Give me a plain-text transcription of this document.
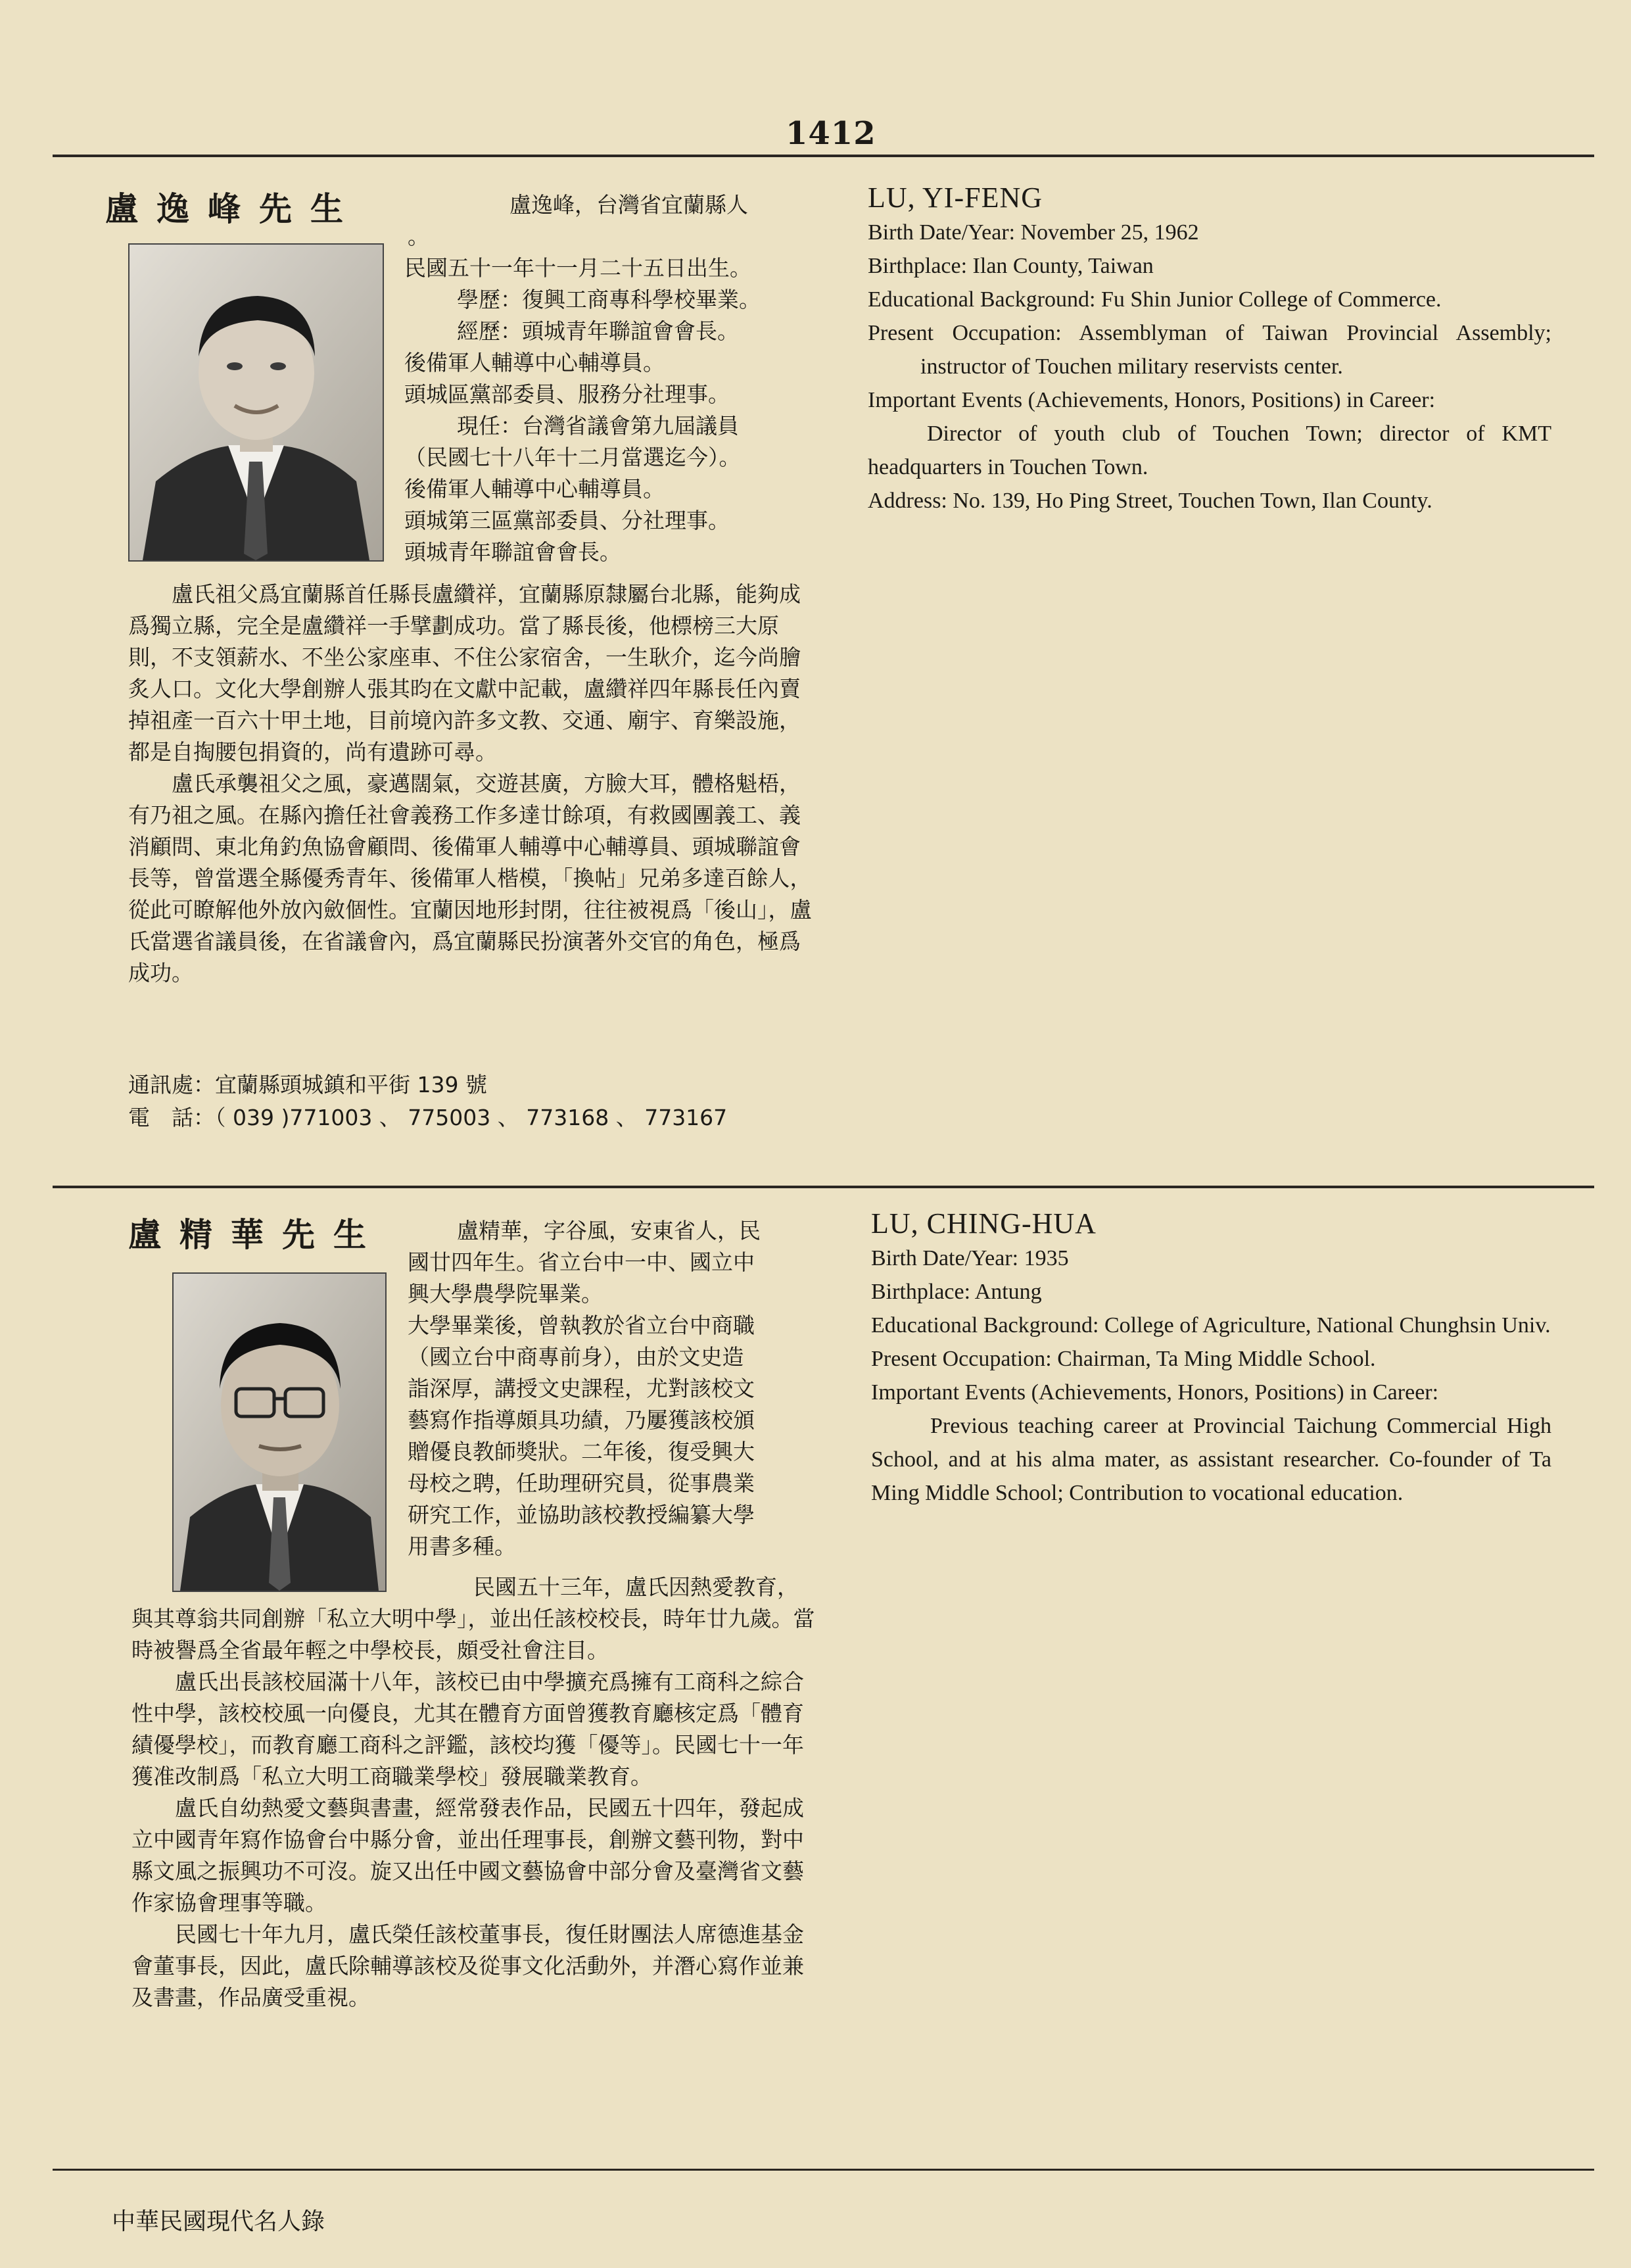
1412
盧逸峰先生	盧逸峰，台灣省宜蘭縣人

。

民國五十一年十一月二十五日出生。

學歷：復興工商專科學校畢業。

經歷：頭城青年聯誼會會長。

後備軍人輔導中心輔導員。

頭城區黨部委員、服務分社理事。

現任：台灣省議會第九屆議員

（民國七十八年十二月當選迄今）。

後備軍人輔導中心輔導員。

頭城第三區黨部委員、分社理事。

頭城青年聯誼會會長。

盧氏祖父爲宜蘭縣首任縣長盧纘祥，宜蘭縣原隸屬台北縣，能夠成爲獨立縣，完全是盧纘祥一手擘劃成功。當了縣長後，他標榜三大原則，不支領薪水、不坐公家座車、不住公家宿舍，一生耿介，迄今尚膾炙人口。文化大學創辦人張其昀在文獻中記載，盧纘祥四年縣長任內賣掉祖產一百六十甲土地，目前境內許多文教、交通、廟宇、育樂設施，都是自掏腰包捐資的，尚有遺跡可尋。

盧氏承襲祖父之風，豪邁闊氣，交遊甚廣，方臉大耳，體格魁梧，有乃祖之風。在縣內擔任社會義務工作多達廿餘項，有救國團義工、義消顧問、東北角釣魚協會顧問、後備軍人輔導中心輔導員、頭城聯誼會長等，曾當選全縣優秀青年、後備軍人楷模，「換帖」兄弟多達百餘人，從此可瞭解他外放內斂個性。宜蘭因地形封閉，往往被視爲「後山」，盧氏當選省議員後，在省議會內，爲宜蘭縣民扮演著外交官的角色，極爲成功。

通訊處：宜蘭縣頭城鎮和平街 139 號
電　話：（ 039 )771003 、 775003 、 773168 、 773167
LU, YI-FENG

Birth Date/Year: November 25, 1962

Birthplace: Ilan County, Taiwan

Educational Background: Fu Shin Junior College of Commerce.

Present Occupation: Assemblyman of Taiwan Provincial Assembly; instructor of Touchen military reservists center.

Important Events (Achievements, Honors, Positions) in Career:

Director of youth club of Touchen Town; director of KMT headquarters in Touchen Town.

Address: No. 139, Ho Ping Street, Touchen Town, Ilan County.

盧精華先生	盧精華，字谷風，安東省人，民

國廿四年生。省立台中一中、國立中

興大學農學院畢業。

大學畢業後，曾執教於省立台中商職

（國立台中商專前身），由於文史造

詣深厚，講授文史課程，尤對該校文

藝寫作指導頗具功績，乃屢獲該校頒

贈優良教師獎狀。二年後，復受興大

母校之聘，任助理研究員，從事農業

研究工作，並協助該校教授編纂大學

用書多種。

民國五十三年，盧氏因熱愛教育，與其尊翁共同創辦「私立大明中學」，並出任該校校長，時年廿九歲。當時被譽爲全省最年輕之中學校長，頗受社會注目。

盧氏出長該校屆滿十八年，該校已由中學擴充爲擁有工商科之綜合性中學，該校校風一向優良，尤其在體育方面曾獲教育廳核定爲「體育績優學校」，而教育廳工商科之評鑑，該校均獲「優等」。民國七十一年獲准改制爲「私立大明工商職業學校」發展職業教育。

盧氏自幼熱愛文藝與書畫，經常發表作品，民國五十四年，發起成立中國青年寫作協會台中縣分會，並出任理事長，創辦文藝刊物，對中縣文風之振興功不可沒。旋又出任中國文藝協會中部分會及臺灣省文藝作家協會理事等職。

民國七十年九月，盧氏榮任該校董事長，復任財團法人席德進基金會董事長，因此，盧氏除輔導該校及從事文化活動外，并潛心寫作並兼及書畫，作品廣受重視。

LU, CHING-HUA

Birth Date/Year: 1935

Birthplace: Antung

Educational Background: College of Agriculture, National Chunghsin Univ.

Present Occupation: Chairman, Ta Ming Middle School.

Important Events (Achievements, Honors, Positions) in Career:

Previous teaching career at Provincial Taichung Commercial High School, and at his alma mater, as assistant researcher. Co-founder of Ta Ming Middle School; Contribution to vocational education.

中華民國現代名人錄
